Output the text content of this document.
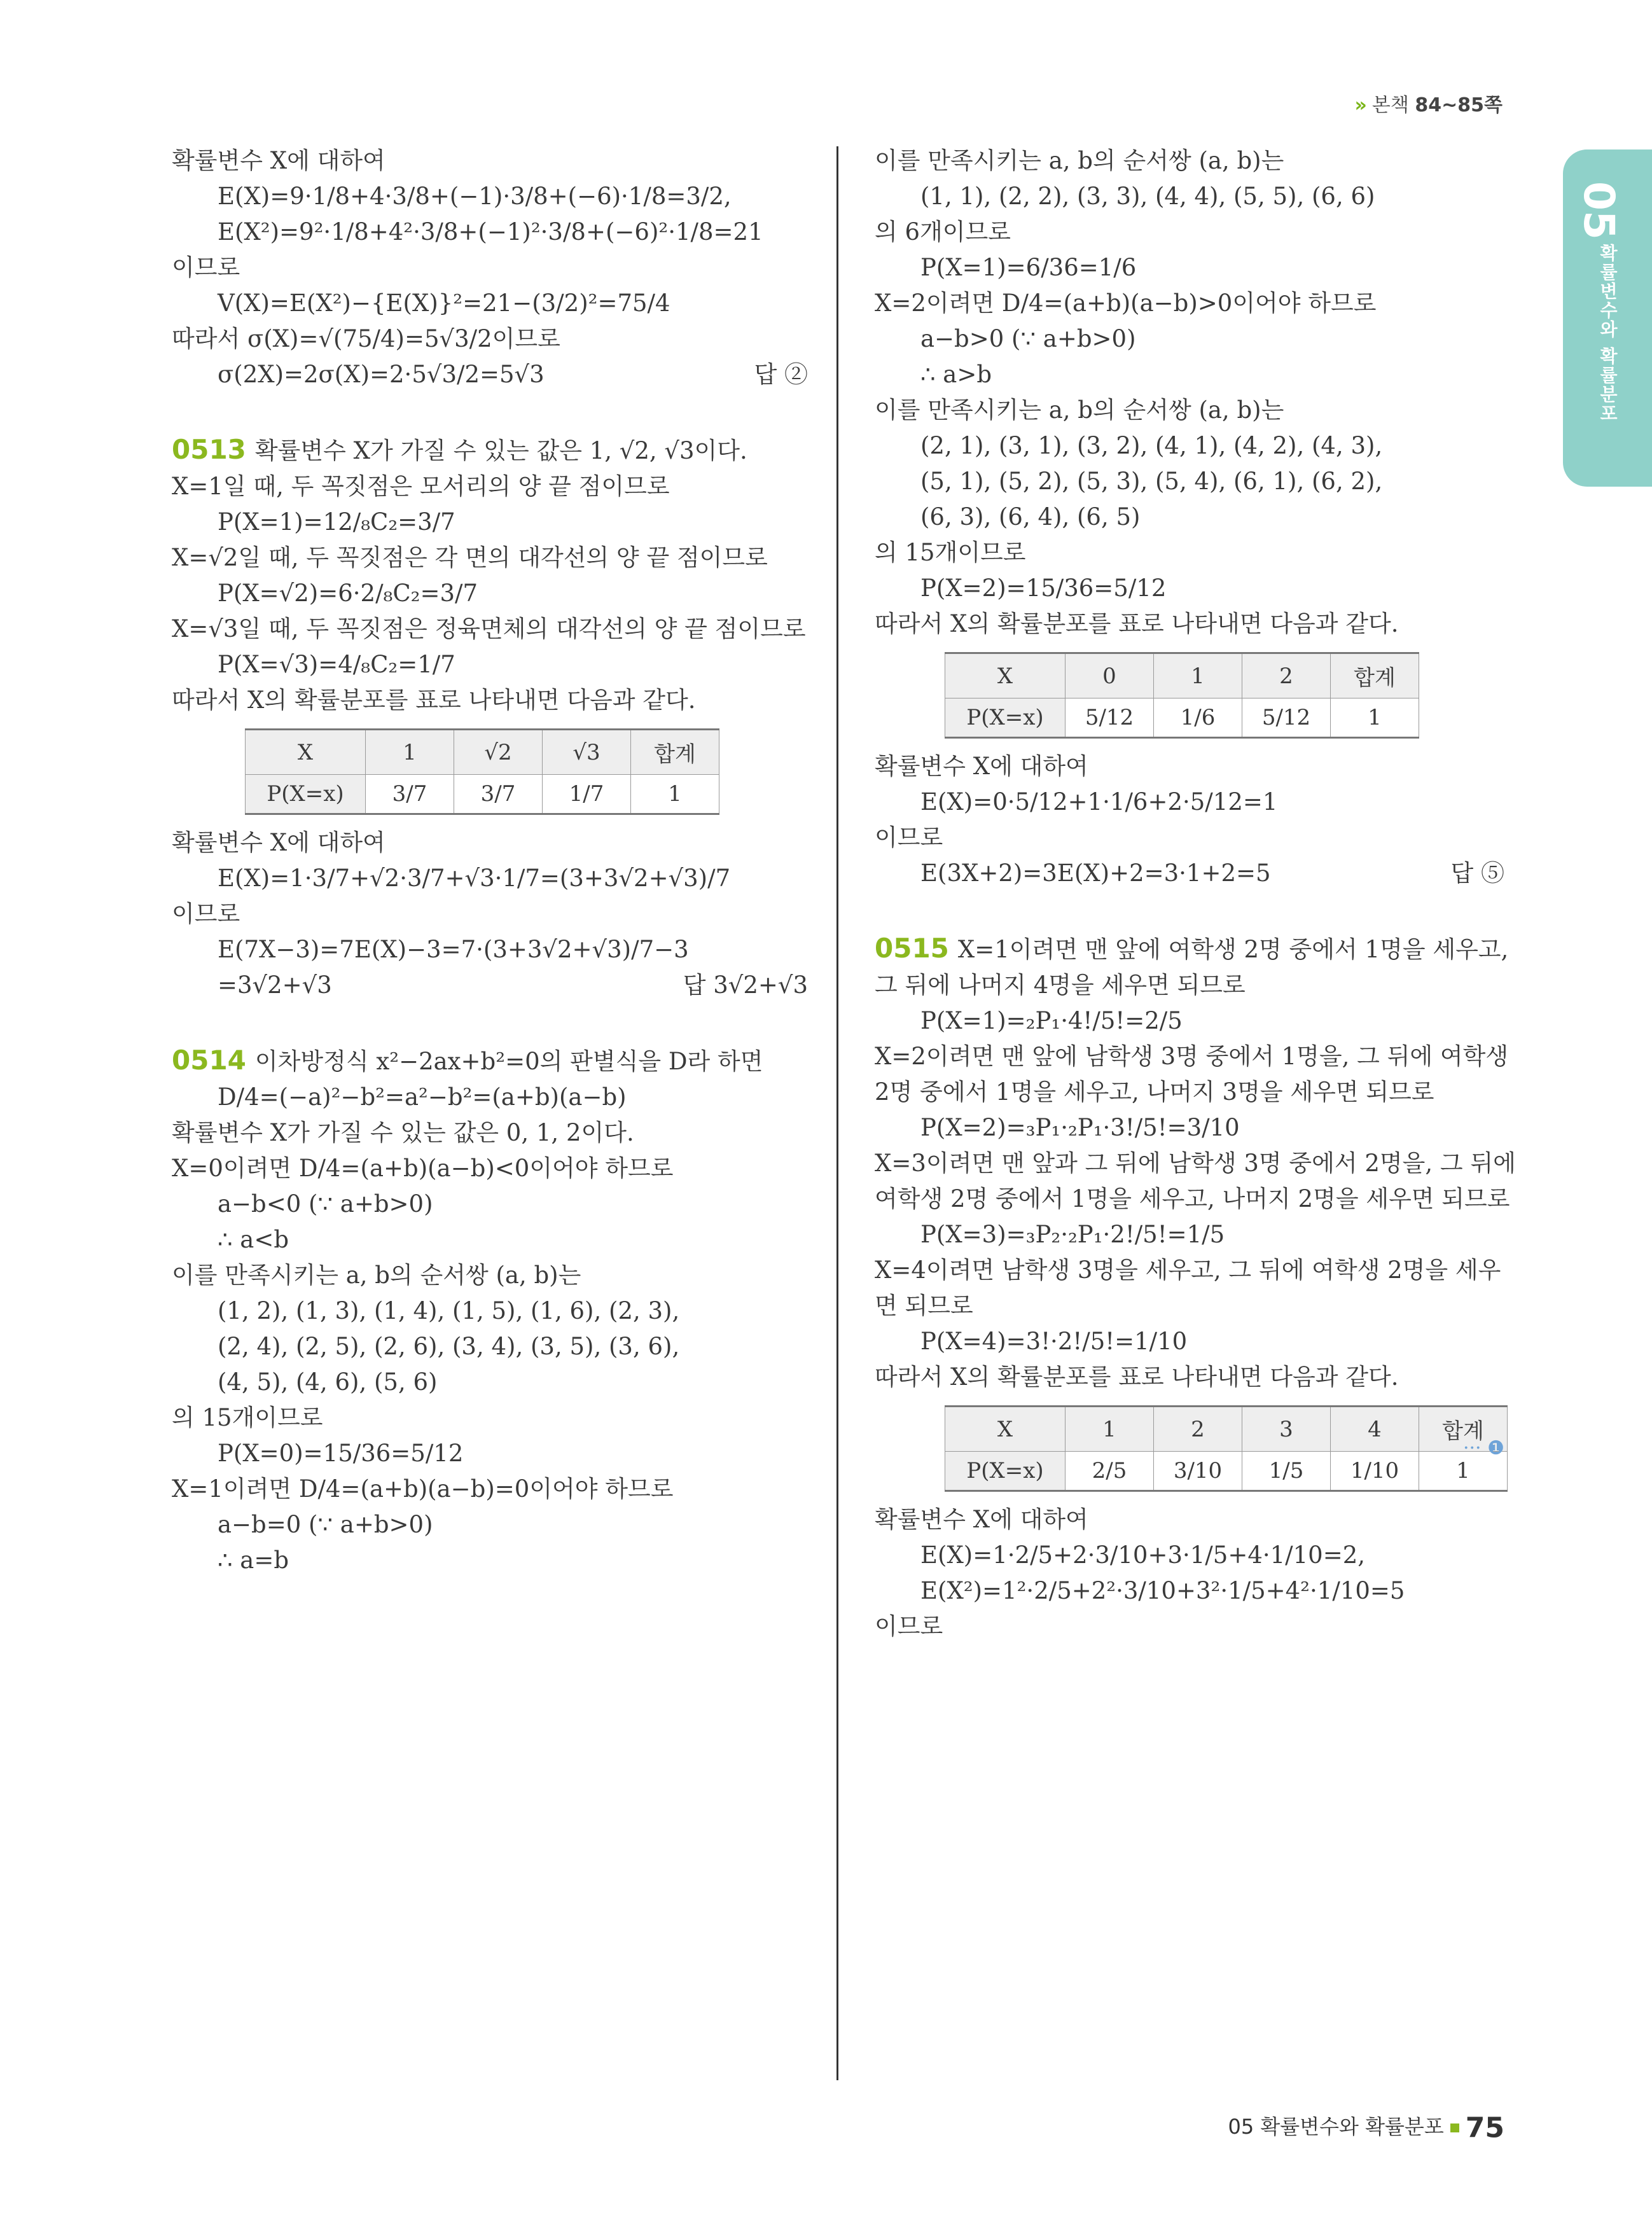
» 본책 84~85쪽
05
확률변수와 확률분포
확률변수 X에 대하여
E(X)=9·1/8+4·3/8+(−1)·3/8+(−6)·1/8=3/2,
E(X²)=9²·1/8+4²·3/8+(−1)²·3/8+(−6)²·1/8=21
이므로
V(X)=E(X²)−{E(X)}²=21−(3/2)²=75/4
따라서 σ(X)=√(75/4)=5√3/2이므로
σ(2X)=2σ(X)=2·5√3/2=5√3	답 ②
0513 확률변수 X가 가질 수 있는 값은 1, √2, √3이다.
X=1일 때, 두 꼭짓점은 모서리의 양 끝 점이므로
P(X=1)=12/₈C₂=3/7
X=√2일 때, 두 꼭짓점은 각 면의 대각선의 양 끝 점이므로
P(X=√2)=6·2/₈C₂=3/7
X=√3일 때, 두 꼭짓점은 정육면체의 대각선의 양 끝 점이므로
P(X=√3)=4/₈C₂=1/7
따라서 X의 확률분포를 표로 나타내면 다음과 같다.
X	1	√2	√3	합계
P(X=x)	3/7	3/7	1/7	1
확률변수 X에 대하여
E(X)=1·3/7+√2·3/7+√3·1/7=(3+3√2+√3)/7
이므로
E(7X−3)=7E(X)−3=7·(3+3√2+√3)/7−3
=3√2+√3	답 3√2+√3
0514 이차방정식 x²−2ax+b²=0의 판별식을 D라 하면
D/4=(−a)²−b²=a²−b²=(a+b)(a−b)
확률변수 X가 가질 수 있는 값은 0, 1, 2이다.
X=0이려면 D/4=(a+b)(a−b)<0이어야 하므로
a−b<0 (∵ a+b>0)
∴ a<b
이를 만족시키는 a, b의 순서쌍 (a, b)는
(1, 2), (1, 3), (1, 4), (1, 5), (1, 6), (2, 3),
(2, 4), (2, 5), (2, 6), (3, 4), (3, 5), (3, 6),
(4, 5), (4, 6), (5, 6)
의 15개이므로
P(X=0)=15/36=5/12
X=1이려면 D/4=(a+b)(a−b)=0이어야 하므로
a−b=0 (∵ a+b>0)
∴ a=b
이를 만족시키는 a, b의 순서쌍 (a, b)는
(1, 1), (2, 2), (3, 3), (4, 4), (5, 5), (6, 6)
의 6개이므로
P(X=1)=6/36=1/6
X=2이려면 D/4=(a+b)(a−b)>0이어야 하므로
a−b>0 (∵ a+b>0)
∴ a>b
이를 만족시키는 a, b의 순서쌍 (a, b)는
(2, 1), (3, 1), (3, 2), (4, 1), (4, 2), (4, 3),
(5, 1), (5, 2), (5, 3), (5, 4), (6, 1), (6, 2),
(6, 3), (6, 4), (6, 5)
의 15개이므로
P(X=2)=15/36=5/12
따라서 X의 확률분포를 표로 나타내면 다음과 같다.
X	0	1	2	합계
P(X=x)	5/12	1/6	5/12	1
확률변수 X에 대하여
E(X)=0·5/12+1·1/6+2·5/12=1
이므로
E(3X+2)=3E(X)+2=3·1+2=5	답 ⑤
0515 X=1이려면 맨 앞에 여학생 2명 중에서 1명을 세우고,
그 뒤에 나머지 4명을 세우면 되므로
P(X=1)=₂P₁·4!/5!=2/5
X=2이려면 맨 앞에 남학생 3명 중에서 1명을, 그 뒤에 여학생
2명 중에서 1명을 세우고, 나머지 3명을 세우면 되므로
P(X=2)=₃P₁·₂P₁·3!/5!=3/10
X=3이려면 맨 앞과 그 뒤에 남학생 3명 중에서 2명을, 그 뒤에
여학생 2명 중에서 1명을 세우고, 나머지 2명을 세우면 되므로
P(X=3)=₃P₂·₂P₁·2!/5!=1/5
X=4이려면 남학생 3명을 세우고, 그 뒤에 여학생 2명을 세우
면 되므로
P(X=4)=3!·2!/5!=1/10
따라서 X의 확률분포를 표로 나타내면 다음과 같다.
X	1	2	3	4	합계
P(X=x)	2/5	3/10	1/5	1/10	1
··· ❶
확률변수 X에 대하여
E(X)=1·2/5+2·3/10+3·1/5+4·1/10=2,
E(X²)=1²·2/5+2²·3/10+3²·1/5+4²·1/10=5
이므로
05 확률변수와 확률분포 75
